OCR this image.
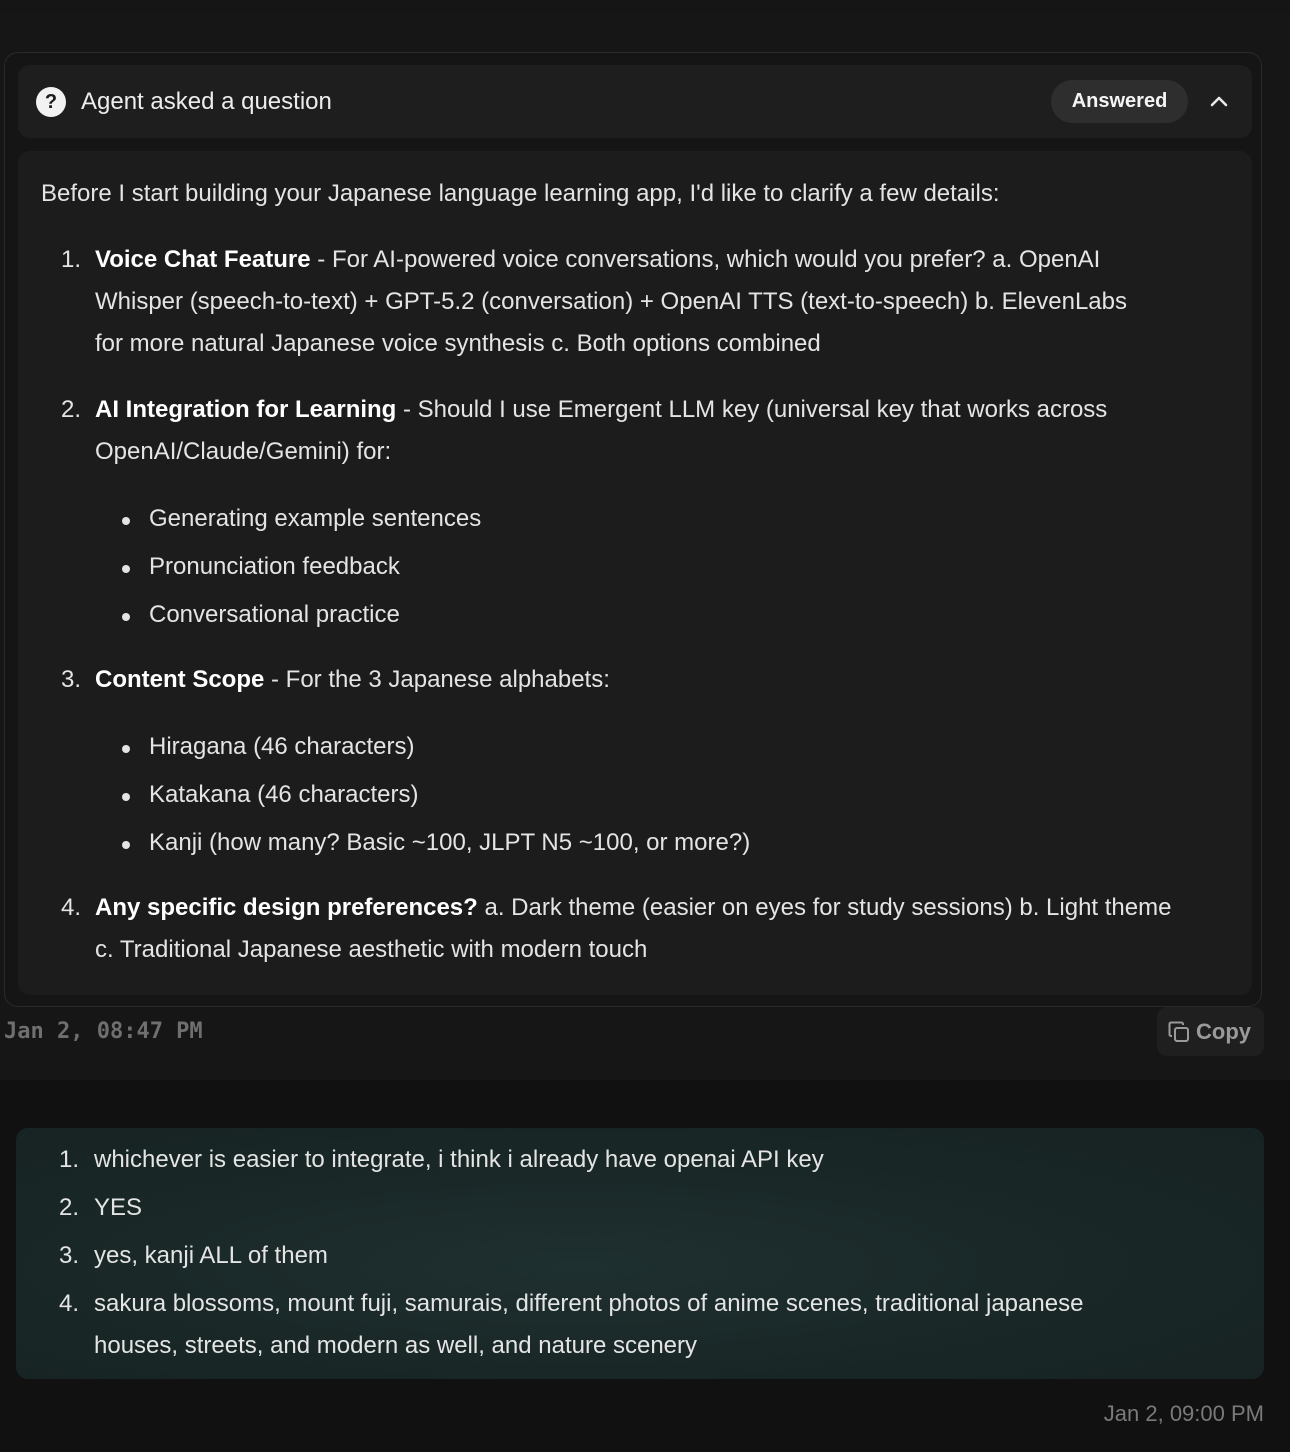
? Agent asked a question	Answered
Before I start building your Japanese language learning app, I'd like to clarify a few details:
1. Voice Chat Feature - For AI-powered voice conversations, which would you prefer? a. OpenAI
Whisper (speech-to-text) + GPT-5.2 (conversation) + OpenAI TTS (text-to-speech) b. ElevenLabs
for more natural Japanese voice synthesis c. Both options combined
2. AI Integration for Learning - Should I use Emergent LLM key (universal key that works across
OpenAI/Claude/Gemini) for:
Generating example sentences
Pronunciation feedback
Conversational practice
3. Content Scope - For the 3 Japanese alphabets:
Hiragana (46 characters)
Katakana (46 characters)
Kanji (how many? Basic ~100, JLPT N5 ~100, or more?)
4. Any specific design preferences? a. Dark theme (easier on eyes for study sessions) b. Light theme
c. Traditional Japanese aesthetic with modern touch
Jan 2, 08:47 PM	Copy
1. whichever is easier to integrate, i think i already have openai API key
2. YES
3. yes, kanji ALL of them
4. sakura blossoms, mount fuji, samurais, different photos of anime scenes, traditional japanese
houses, streets, and modern as well, and nature scenery
Jan 2, 09:00 PM
